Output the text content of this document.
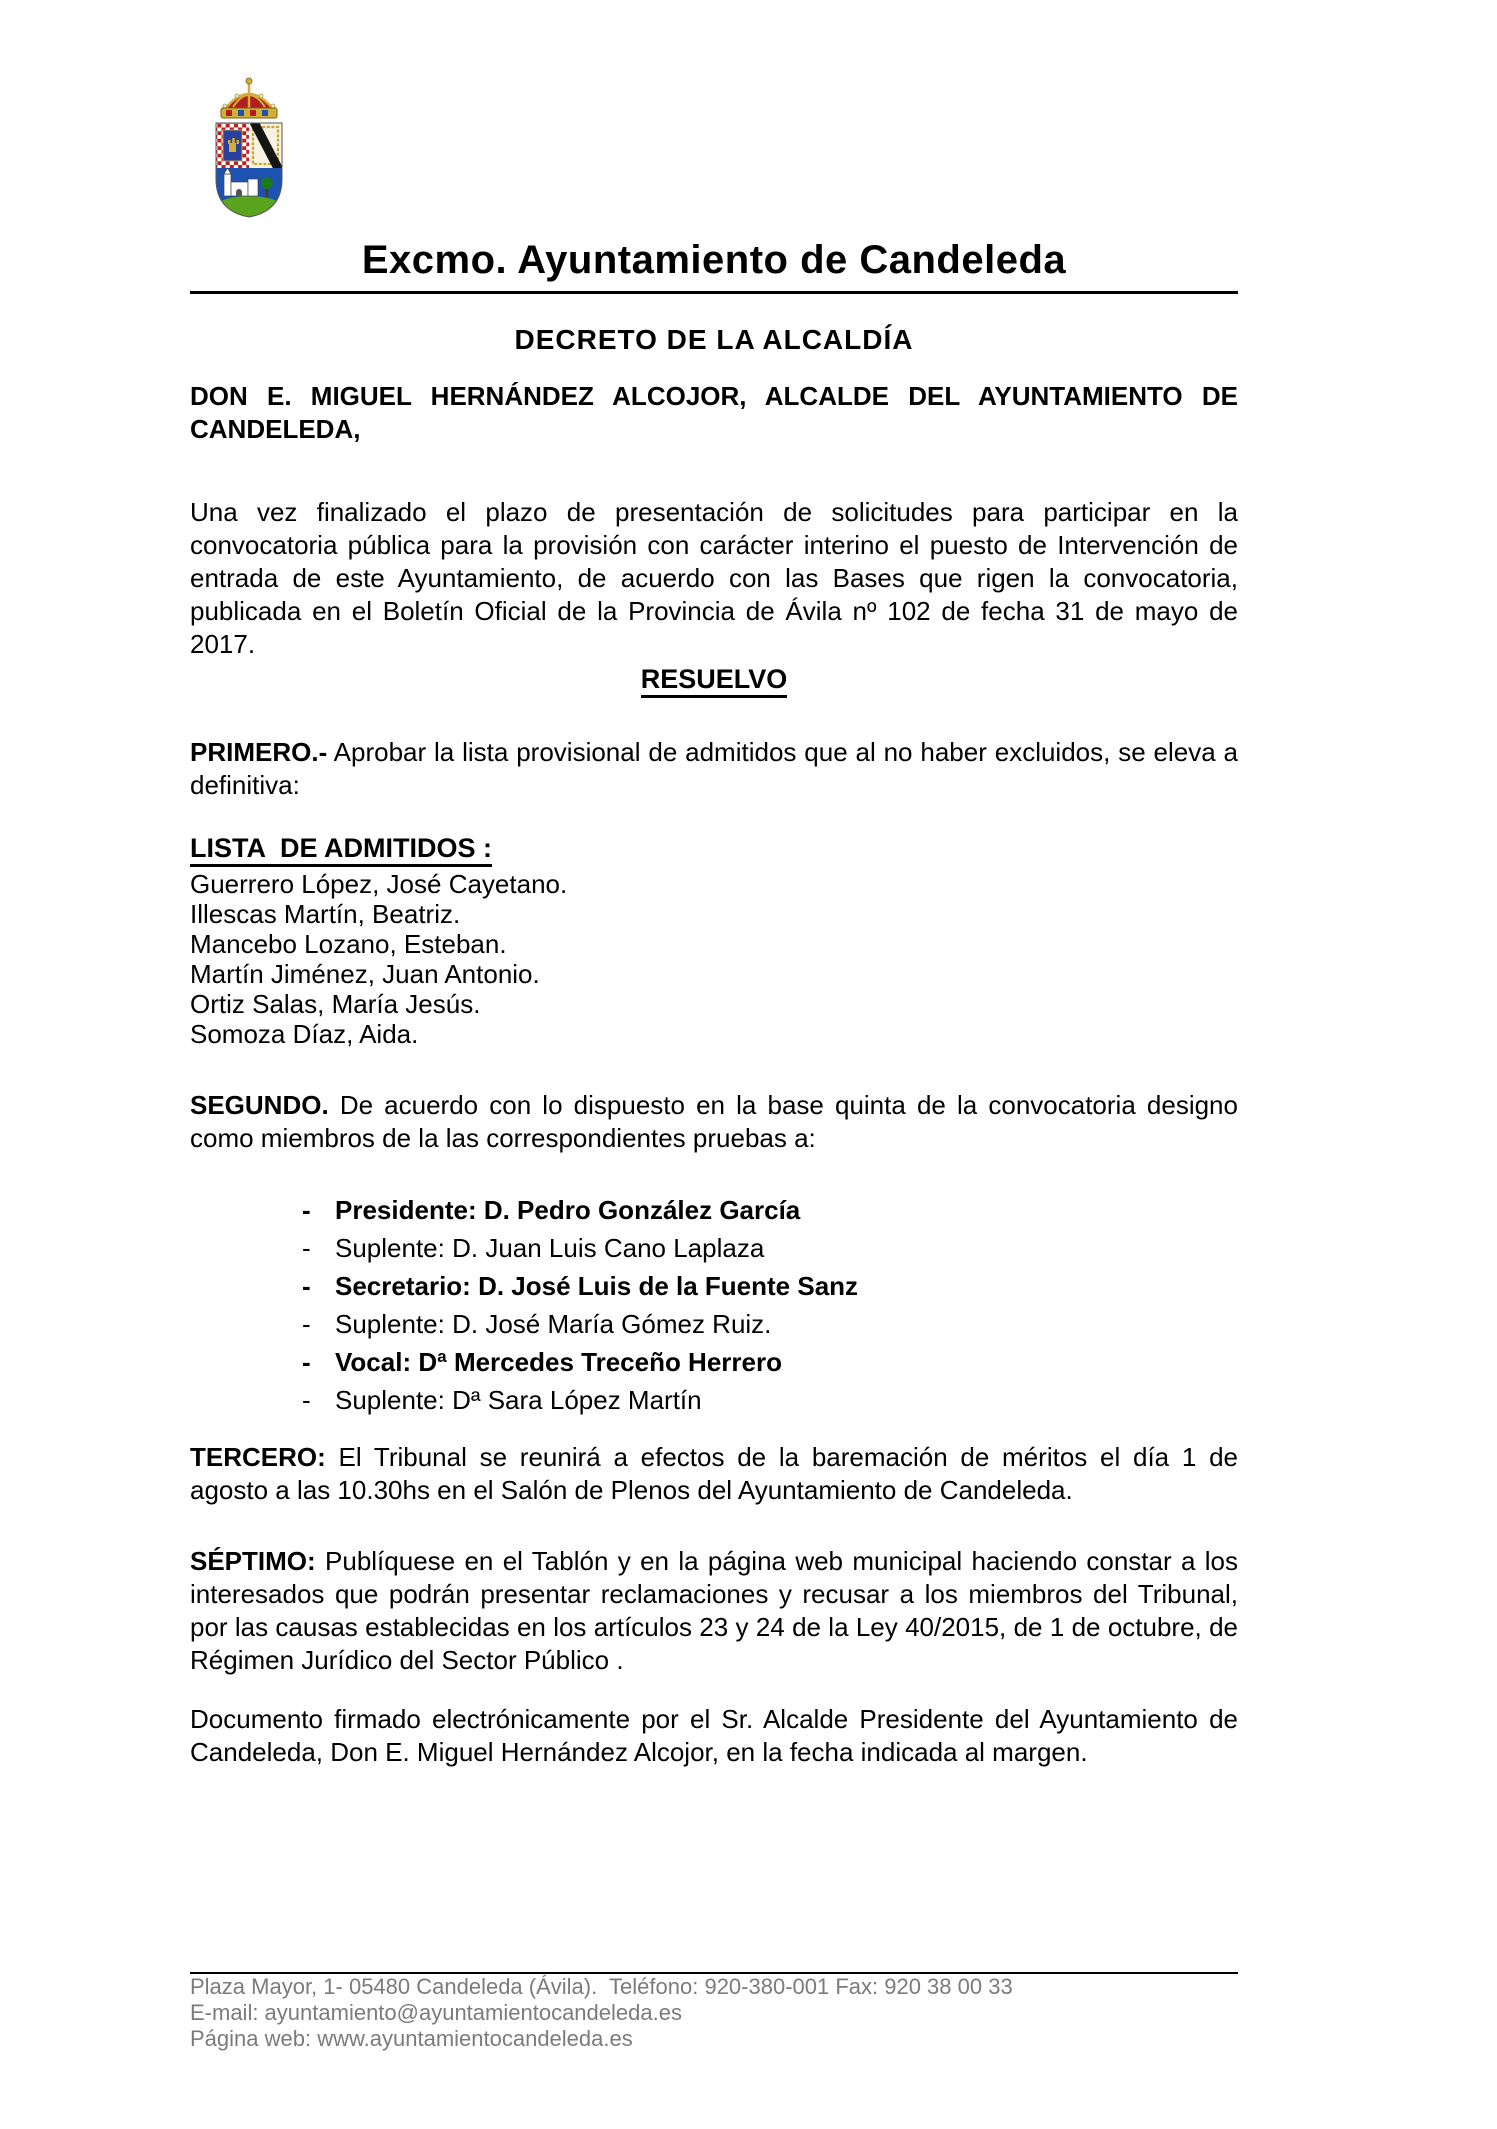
Excmo. Ayuntamiento de Candeleda
DECRETO DE LA ALCALDÍA

DON E. MIGUEL HERNÁNDEZ ALCOJOR, ALCALDE DEL AYUNTAMIENTO DE CANDELEDA,

Una vez finalizado el plazo de presentación de solicitudes para participar en la convocatoria pública para la provisión con carácter interino el puesto de Intervención de entrada de este Ayuntamiento, de acuerdo con las Bases que rigen la convocatoria, publicada en el Boletín Oficial de la Provincia de Ávila nº 102 de fecha 31 de mayo de 2017.

RESUELVO

PRIMERO.- Aprobar la lista provisional de admitidos que al no haber excluidos, se eleva a definitiva:

LISTA  DE ADMITIDOS :

Guerrero López, José Cayetano.
Illescas Martín, Beatriz.
Mancebo Lozano, Esteban.
Martín Jiménez, Juan Antonio.
Ortiz Salas, María Jesús.
Somoza Díaz, Aida.

SEGUNDO. De acuerdo con lo dispuesto en la base quinta de la convocatoria designo como miembros de la las correspondientes pruebas a:

- Presidente: D. Pedro González García
- Suplente: D. Juan Luis Cano Laplaza
- Secretario: D. José Luis de la Fuente Sanz
- Suplente: D. José María Gómez Ruiz.
- Vocal: Dª Mercedes Treceño Herrero
- Suplente: Dª Sara López Martín

TERCERO: El Tribunal se reunirá a efectos de la baremación de méritos el día 1 de agosto a las 10.30hs en el Salón de Plenos del Ayuntamiento de Candeleda.

SÉPTIMO: Publíquese en el Tablón y en la página web municipal haciendo constar a los interesados que podrán presentar reclamaciones y recusar a los miembros del Tribunal, por las causas establecidas en los artículos 23 y 24 de la Ley 40/2015, de 1 de octubre, de Régimen Jurídico del Sector Público .

Documento firmado electrónicamente por el Sr. Alcalde Presidente del Ayuntamiento de Candeleda, Don E. Miguel Hernández Alcojor, en la fecha indicada al margen.

Plaza Mayor, 1- 05480 Candeleda (Ávila).  Teléfono: 920-380-001 Fax: 920 38 00 33
E-mail: ayuntamiento@ayuntamientocandeleda.es
Página web: www.ayuntamientocandeleda.es
